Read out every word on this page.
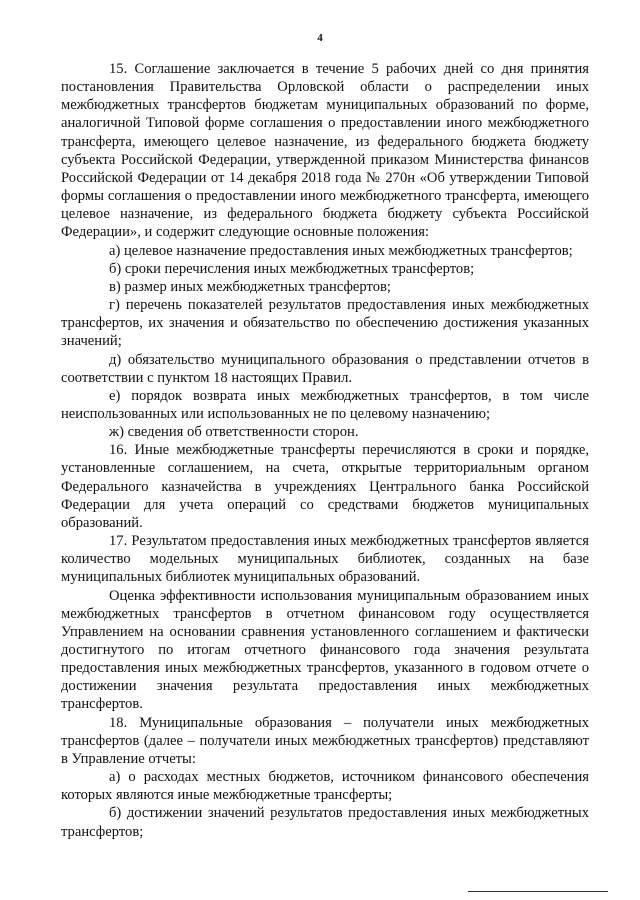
4

15. Соглашение заключается в течение 5 рабочих дней со дня принятия постановления Правительства Орловской области о распределении иных межбюджетных трансфертов бюджетам муниципальных образований по форме, аналогичной Типовой форме соглашения о предоставлении иного межбюджетного трансферта, имеющего целевое назначение, из федерального бюджета бюджету субъекта Российской Федерации, утвержденной приказом Министерства финансов Российской Федерации от 14 декабря 2018 года № 270н «Об утверждении Типовой формы соглашения о предоставлении иного межбюджетного трансферта, имеющего целевое назначение, из федерального бюджета бюджету субъекта Российской Федерации», и содержит следующие основные положения:

а) целевое назначение предоставления иных межбюджетных трансфертов;

б) сроки перечисления иных межбюджетных трансфертов;

в) размер иных межбюджетных трансфертов;

г) перечень показателей результатов предоставления иных межбюджетных трансфертов, их значения и обязательство по обеспечению достижения указанных значений;

д) обязательство муниципального образования о представлении отчетов в соответствии с пунктом 18 настоящих Правил.

е) порядок возврата иных межбюджетных трансфертов, в том числе неиспользованных или использованных не по целевому назначению;

ж) сведения об ответственности сторон.

16. Иные межбюджетные трансферты перечисляются в сроки и порядке, установленные соглашением, на счета, открытые территориальным органом Федерального казначейства в учреждениях Центрального банка Российской Федерации для учета операций со средствами бюджетов муниципальных образований.

17. Результатом предоставления иных межбюджетных трансфертов является количество модельных муниципальных библиотек, созданных на базе муниципальных библиотек муниципальных образований.

Оценка эффективности использования муниципальным образованием иных межбюджетных трансфертов в отчетном финансовом году осуществляется Управлением на основании сравнения установленного соглашением и фактически достигнутого по итогам отчетного финансового года значения результата предоставления иных межбюджетных трансфертов, указанного в годовом отчете о достижении значения результата предоставления иных межбюджетных трансфертов.

18. Муниципальные образования – получатели иных межбюджетных трансфертов (далее – получатели иных межбюджетных трансфертов) представляют в Управление отчеты:

а) о расходах местных бюджетов, источником финансового обеспечения которых являются иные межбюджетные трансферты;

б) достижении значений результатов предоставления иных межбюджетных трансфертов;
